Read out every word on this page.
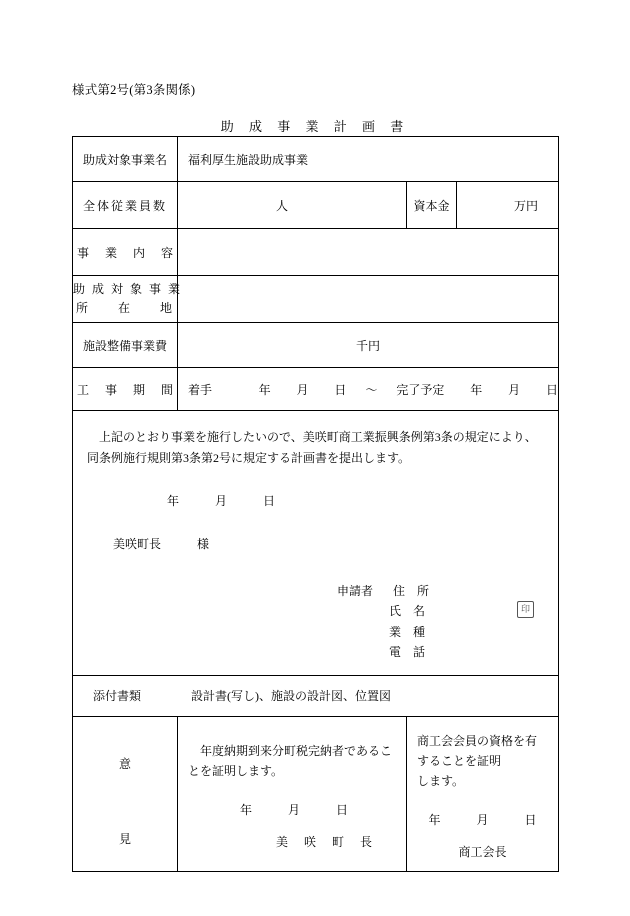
様式第2号(第3条関係)
助 成 事 業 計 画 書
助成対象事業名	福利厚生施設助成事業		
全体従業員数	人	資本金	万円
事　業　内　容			

助 成 対 象 事 業
所　　在　　地			

施設整備事業費	千円		
工　事　期　間	着手	年 月 日 〜 完了予定 年 月 日

上記のとおり事業を施行したいので、美咲町商工業振興条例第3条の規定により、同条例施行規則第3条第2号に規定する計画書を提出します。

年	月	日

美咲町長	様

印
申請者 住　所
氏　名
業　種
電　話

添付書類 設計書(写し)、施設の設計図、位置図			

意
見

年度納期到来分町税完納者であるこ
とを証明します。
年	月	日
美　咲　町　長

商工会会員の資格を有することを証明
します。
年	月	日
商工会長
